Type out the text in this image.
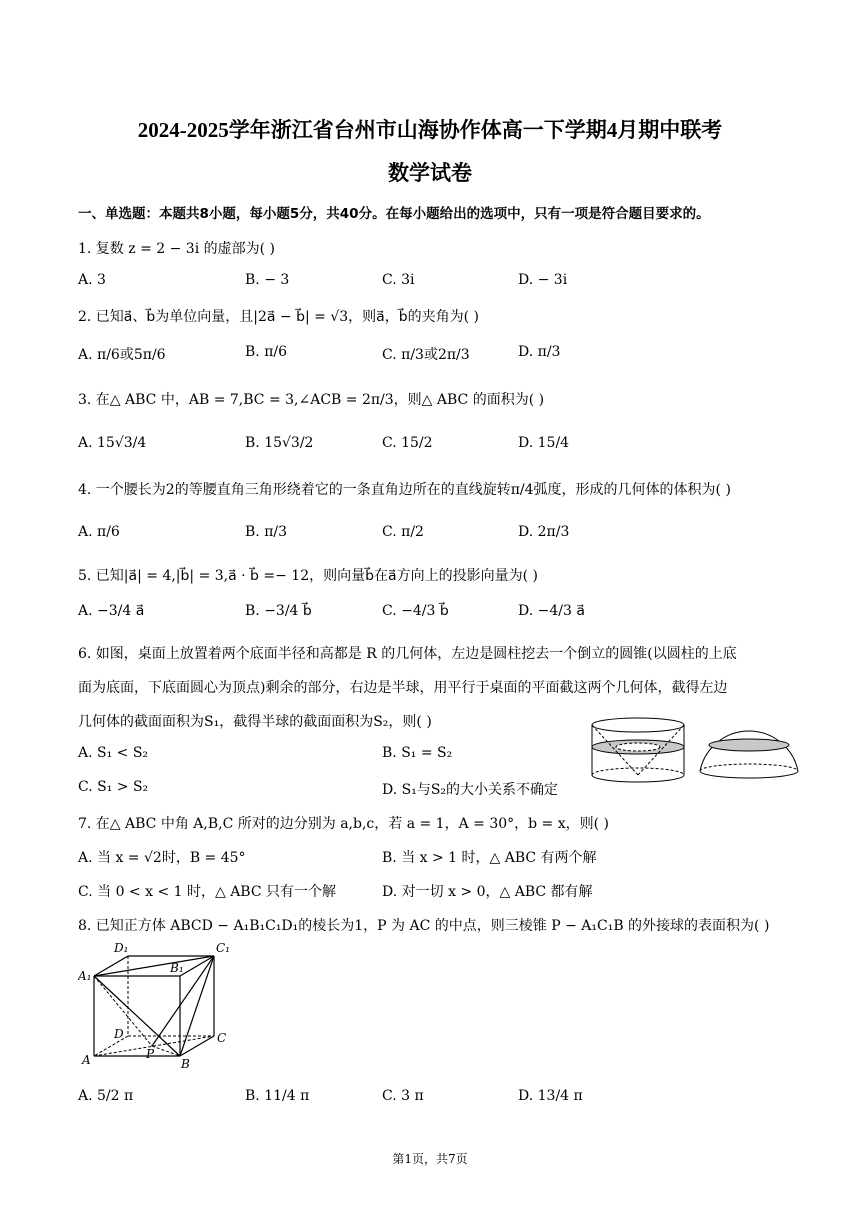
2024-2025学年浙江省台州市山海协作体高一下学期4月期中联考
数学试卷
一、单选题：本题共8小题，每小题5分，共40分。在每小题给出的选项中，只有一项是符合题目要求的。
1. 复数 z = 2 − 3i 的虚部为( )
A. 3	B. − 3	C. 3i	D. − 3i
2. 已知a⃗、b⃗为单位向量，且|2a⃗ − b⃗| = √3，则a⃗，b⃗的夹角为( )
A. π/6或5π/6	B. π/6	C. π/3或2π/3	D. π/3
3. 在△ ABC 中，AB = 7,BC = 3,∠ACB = 2π/3，则△ ABC 的面积为( )
A. 15√3/4	B. 15√3/2	C. 15/2	D. 15/4
4. 一个腰长为2的等腰直角三角形绕着它的一条直角边所在的直线旋转π/4弧度，形成的几何体的体积为( )
A. π/6	B. π/3	C. π/2	D. 2π/3
5. 已知|a⃗| = 4,|b⃗| = 3,a⃗ · b⃗ =− 12，则向量b⃗在a⃗方向上的投影向量为( )
A. −3/4 a⃗	B. −3/4 b⃗	C. −4/3 b⃗	D. −4/3 a⃗
6. 如图，桌面上放置着两个底面半径和高都是 R 的几何体，左边是圆柱挖去一个倒立的圆锥(以圆柱的上底
面为底面，下底面圆心为顶点)剩余的部分，右边是半球，用平行于桌面的平面截这两个几何体，截得左边
几何体的截面面积为S₁，截得半球的截面面积为S₂，则( )
A. S₁ < S₂	B. S₁ = S₂
C. S₁ > S₂	D. S₁与S₂的大小关系不确定
7. 在△ ABC 中角 A,B,C 所对的边分别为 a,b,c，若 a = 1，A = 30°，b = x，则( )
A. 当 x = √2时，B = 45°	B. 当 x > 1 时，△ ABC 有两个解
C. 当 0 < x < 1 时，△ ABC 只有一个解	D. 对一切 x > 0，△ ABC 都有解
8. 已知正方体 ABCD − A₁B₁C₁D₁的棱长为1，P 为 AC 的中点，则三棱锥 P − A₁C₁B 的外接球的表面积为( )
D₁	C₁
A₁
B₁
D	C
A	P
B
A. 5/2 π	B. 11/4 π	C. 3 π	D. 13/4 π
第1页，共7页
